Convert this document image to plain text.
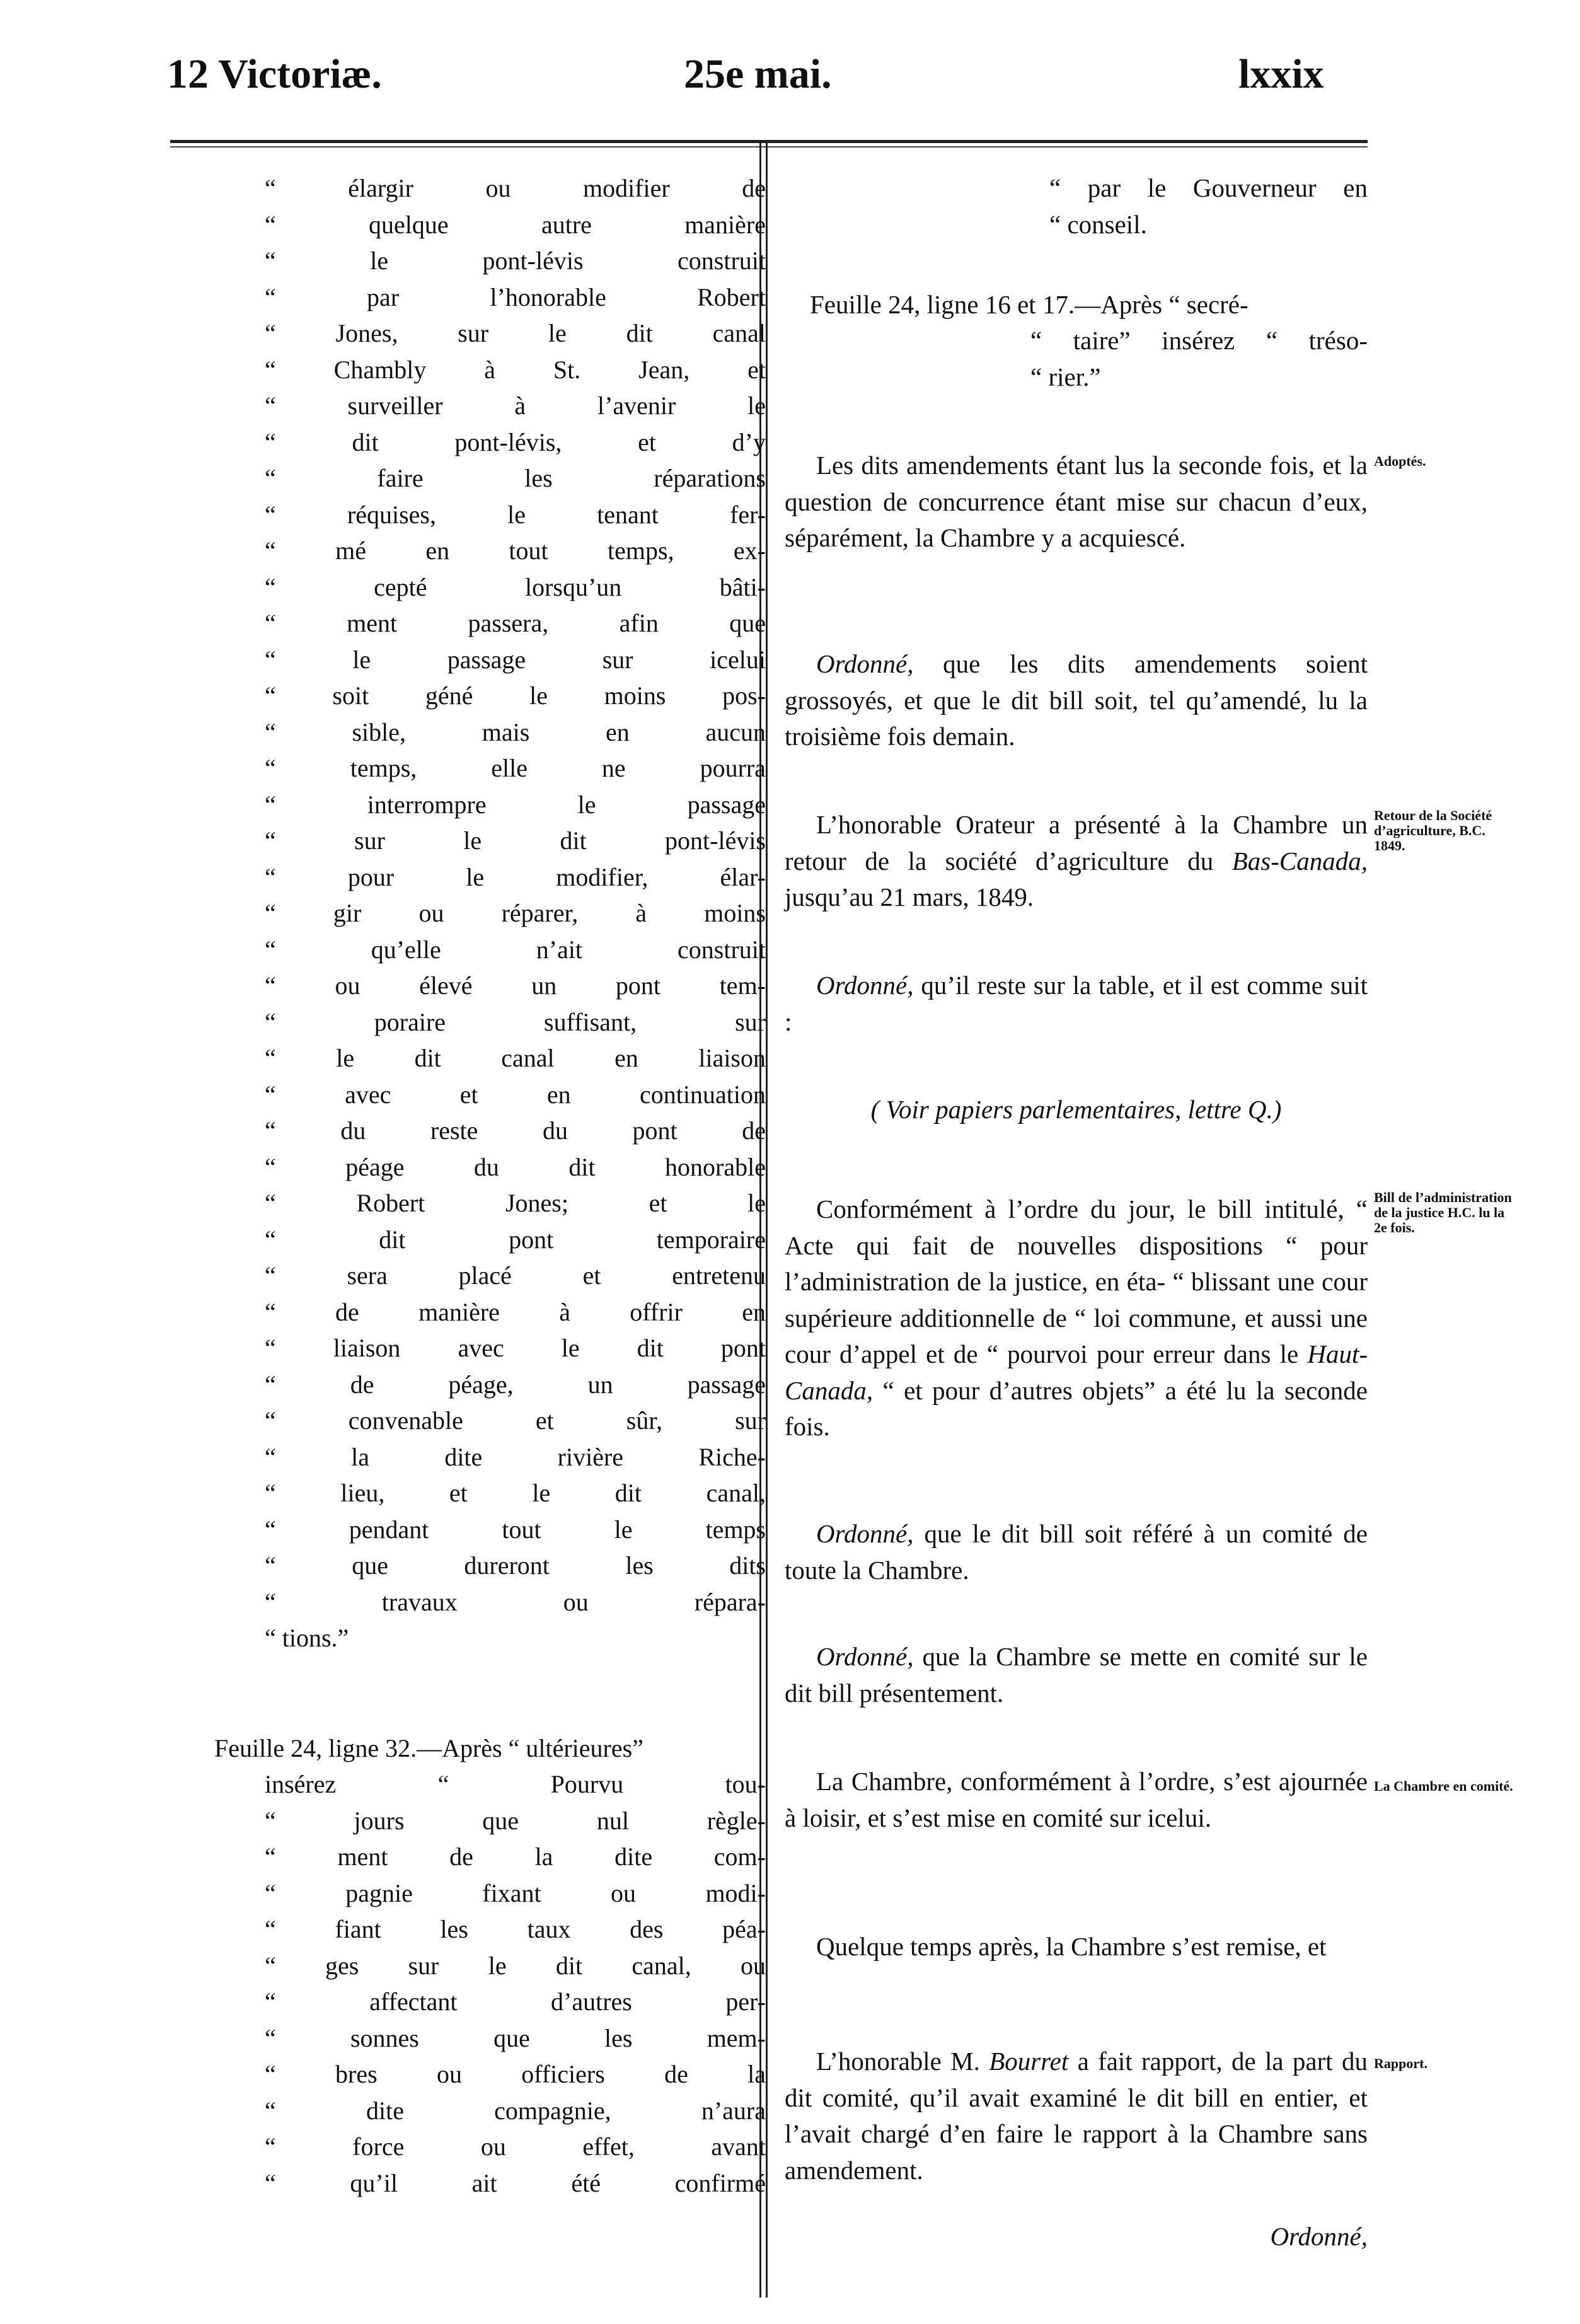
12 Victoriæ.	25e mai.	lxxix
“ élargir ou modifier de
“ quelque autre manière
“ le pont-lévis construit
“ par l’honorable Robert
“ Jones, sur le dit canal
“ Chambly à St. Jean, et
“ surveiller à l’avenir le
“ dit pont-lévis, et d’y
“ faire les réparations
“ réquises, le tenant fer-
“ mé en tout temps, ex-
“ cepté lorsqu’un bâti-
“ ment passera, afin que
“ le passage sur icelui
“ soit géné le moins pos-
“ sible, mais en aucun
“ temps, elle ne pourra
“ interrompre le passage
“ sur le dit pont-lévis
“ pour le modifier, élar-
“ gir ou réparer, à moins
“ qu’elle n’ait construit
“ ou élevé un pont tem-
“ poraire suffisant, sur
“ le dit canal en liaison
“ avec et en continuation
“ du reste du pont de
“ péage du dit honorable
“ Robert Jones; et le
“ dit pont temporaire
“ sera placé et entretenu
“ de manière à offrir en
“ liaison avec le dit pont
“ de péage, un passage
“ convenable et sûr, sur
“ la dite rivière Riche-
“ lieu, et le dit canal,
“ pendant tout le temps
“ que dureront les dits
“ travaux ou répara-
“ tions.”
Feuille 24, ligne 32.—Après “ ultérieures”
insérez “ Pourvu tou-
“ jours que nul règle-
“ ment de la dite com-
“ pagnie fixant ou modi-
“ fiant les taux des péa-
“ ges sur le dit canal, ou
“ affectant d’autres per-
“ sonnes que les mem-
“ bres ou officiers de la
“ dite compagnie, n’aura
“ force ou effet, avant
“ qu’il ait été confirmé
“ par le Gouverneur en
“ conseil.
Feuille 24, ligne 16 et 17.—Après “ secré-
“ taire” insérez “ tréso-
“ rier.”
Les dits amendements étant lus la seconde fois, et la question de concurrence étant mise sur chacun d’eux, séparément, la Chambre y a acquiescé.
Ordonné, que les dits amendements soient grossoyés, et que le dit bill soit, tel qu’amendé, lu la troisième fois demain.
L’honorable Orateur a présenté à la Chambre un retour de la société d’agriculture du Bas-Canada, jusqu’au 21 mars, 1849.
Ordonné, qu’il reste sur la table, et il est comme suit :
( Voir papiers parlementaires, lettre Q.)
Conformément à l’ordre du jour, le bill intitulé, “ Acte qui fait de nouvelles dispositions “ pour l’administration de la justice, en éta- “ blissant une cour supérieure additionnelle de “ loi commune, et aussi une cour d’appel et de “ pourvoi pour erreur dans le Haut-Canada, “ et pour d’autres objets” a été lu la seconde fois.
Ordonné, que le dit bill soit référé à un comité de toute la Chambre.
Ordonné, que la Chambre se mette en comité sur le dit bill présentement.
La Chambre, conformément à l’ordre, s’est ajournée à loisir, et s’est mise en comité sur icelui.
Quelque temps après, la Chambre s’est remise, et
L’honorable M. Bourret a fait rapport, de la part du dit comité, qu’il avait examiné le dit bill en entier, et l’avait chargé d’en faire le rapport à la Chambre sans amendement.
Ordonné,
Adoptés.
Retour de la Société d’agriculture, B.C. 1849.
Bill de l’administration de la justice H.C. lu la 2e fois.
La Chambre en comité.
Rapport.
